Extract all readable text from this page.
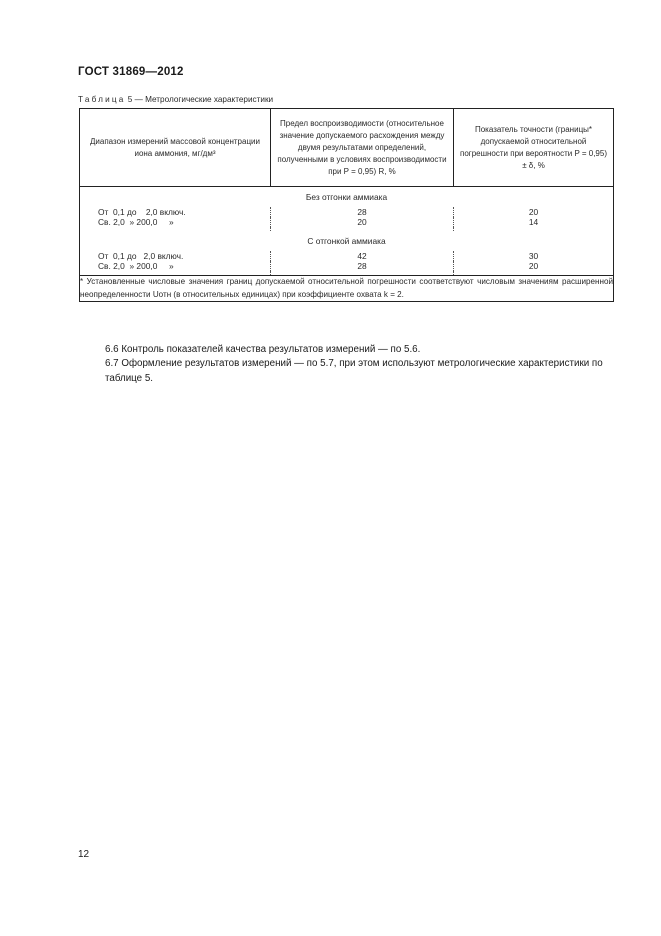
ГОСТ 31869—2012
Таблица 5 — Метрологические характеристики
Диапазон измерений массовой концентрации иона аммония, мг/дм³	Предел воспроизводимости (относительное значение допускаемого расхождения между двумя результатами определений, полученными в условиях воспроизводимости при P = 0,95) R, %	Показатель точности (границы* допускаемой относительной погрешности при вероятности P = 0,95) ± δ, %
Без отгонки аммиака		
От  0,1 до    2,0 включ.	28	20
Св. 2,0  » 200,0     »	20	14

С отгонкой аммиака		
От  0,1 до   2,0 включ.	42	30
Св. 2,0  » 200,0     »	28	20

* Установленные числовые значения границ допускаемой относительной погрешности соответствуют числовым значениям расширенной неопределенности Uотн (в относительных единицах) при коэффициенте охвата k = 2.		
6.6 Контроль показателей качества результатов измерений — по 5.6.
6.7 Оформление результатов измерений — по 5.7, при этом используют метрологические характеристики по таблице 5.
12
